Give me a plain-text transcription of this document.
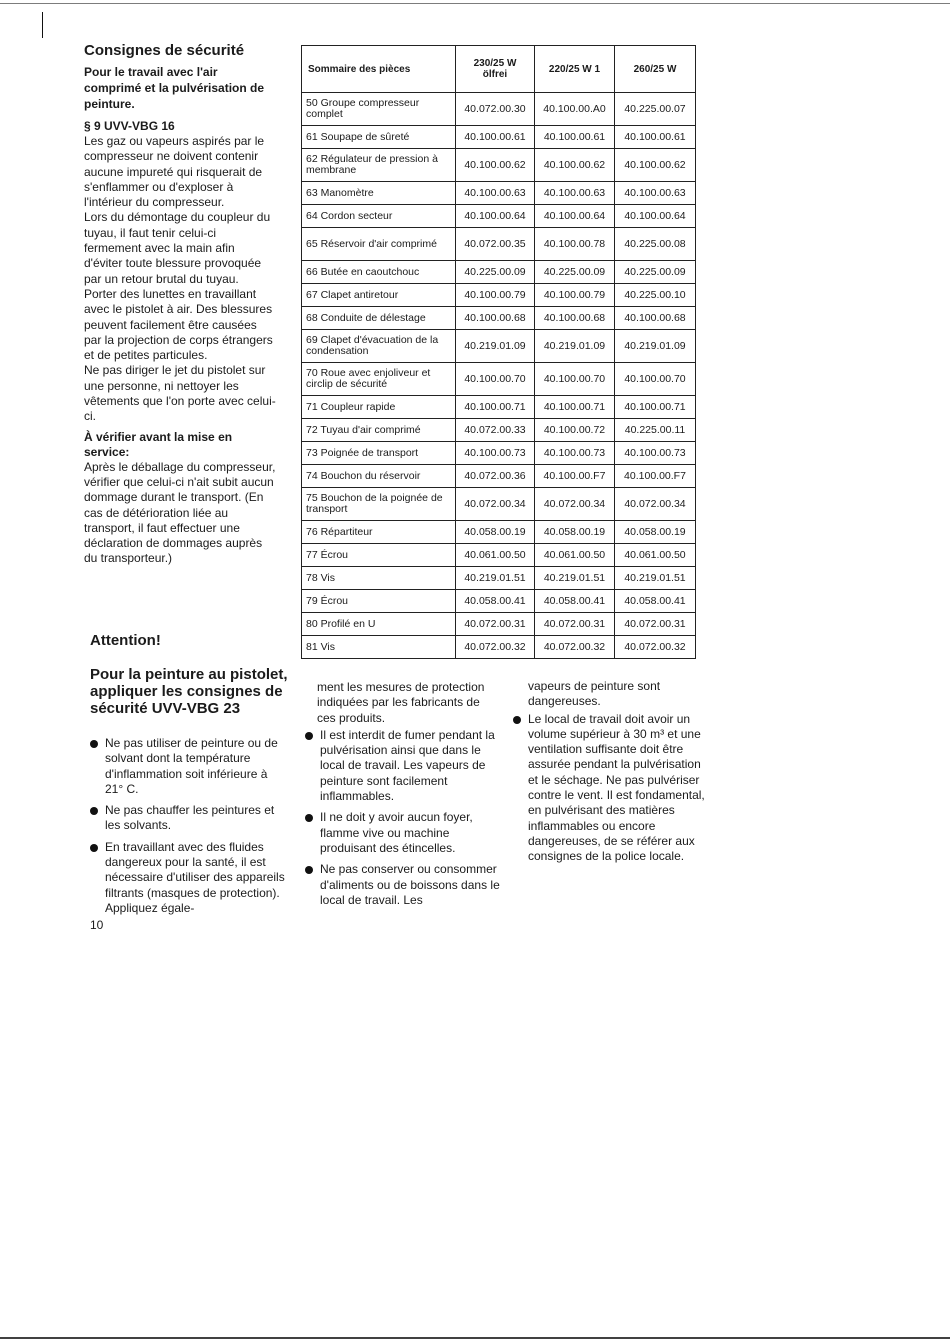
Consignes de sécurité
Pour le travail avec l'air comprimé et la pulvérisation de peinture.
§ 9 UVV-VBG 16
Les gaz ou vapeurs aspirés par le compresseur ne doivent contenir aucune impureté qui risquerait de s'enflammer ou d'exploser à l'intérieur du compresseur.
Lors du démontage du coupleur du tuyau, il faut tenir celui-ci fermement avec la main afin d'éviter toute blessure provoquée par un retour brutal du tuyau.
Porter des lunettes en travaillant avec le pistolet à air. Des blessures peuvent facilement être causées par la projection de corps étrangers et de petites particules.
Ne pas diriger le jet du pistolet sur une personne, ni nettoyer les vêtements que l'on porte avec celui-ci.
À vérifier avant la mise en service:
Après le déballage du compresseur, vérifier que celui-ci n'ait subit aucun dommage durant le transport. (En cas de détérioration liée au transport, il faut effectuer une déclaration de dommages auprès du transporteur.)
Attention!
Pour la peinture au pistolet, appliquer les consignes de sécurité UVV-VBG 23
Ne pas utiliser de peinture ou de solvant dont la température d'inflammation soit inférieure à 21° C.
Ne pas chauffer les peintures et les solvants.
En travaillant avec des fluides dangereux pour la santé, il est nécessaire d'utiliser des appareils filtrants (masques de protection). Appliquez égale-
10
Sommaire des pièces	230/25 W ölfrei	220/25 W 1	260/25 W
50 Groupe compresseur complet	40.072.00.30	40.100.00.A0	40.225.00.07
61 Soupape de sûreté	40.100.00.61	40.100.00.61	40.100.00.61
62 Régulateur de pression à membrane	40.100.00.62	40.100.00.62	40.100.00.62
63 Manomètre	40.100.00.63	40.100.00.63	40.100.00.63
64 Cordon secteur	40.100.00.64	40.100.00.64	40.100.00.64
65 Réservoir d'air comprimé	40.072.00.35	40.100.00.78	40.225.00.08
66 Butée en caoutchouc	40.225.00.09	40.225.00.09	40.225.00.09
67 Clapet antiretour	40.100.00.79	40.100.00.79	40.225.00.10
68 Conduite de délestage	40.100.00.68	40.100.00.68	40.100.00.68
69 Clapet d'évacuation de la condensation	40.219.01.09	40.219.01.09	40.219.01.09
70 Roue avec enjoliveur et circlip de sécurité	40.100.00.70	40.100.00.70	40.100.00.70
71 Coupleur rapide	40.100.00.71	40.100.00.71	40.100.00.71
72 Tuyau d'air comprimé	40.072.00.33	40.100.00.72	40.225.00.11
73 Poignée de transport	40.100.00.73	40.100.00.73	40.100.00.73
74 Bouchon du réservoir	40.072.00.36	40.100.00.F7	40.100.00.F7
75 Bouchon de la poignée de transport	40.072.00.34	40.072.00.34	40.072.00.34
76 Répartiteur	40.058.00.19	40.058.00.19	40.058.00.19
77 Écrou	40.061.00.50	40.061.00.50	40.061.00.50
78 Vis	40.219.01.51	40.219.01.51	40.219.01.51
79 Écrou	40.058.00.41	40.058.00.41	40.058.00.41
80 Profilé en U	40.072.00.31	40.072.00.31	40.072.00.31
81 Vis	40.072.00.32	40.072.00.32	40.072.00.32
ment les mesures de protection indiquées par les fabricants de ces produits.
Il est interdit de fumer pendant la pulvérisation ainsi que dans le local de travail. Les vapeurs de peinture sont facilement inflammables.
Il ne doit y avoir aucun foyer, flamme vive ou machine produisant des étincelles.
Ne pas conserver ou consommer d'aliments ou de boissons dans le local de travail. Les
vapeurs de peinture sont dangereuses.
Le local de travail doit avoir un volume supérieur à 30 m³ et une ventilation suffisante doit être assurée pendant la pulvérisation et le séchage. Ne pas pulvériser contre le vent. Il est fondamental, en pulvérisant des matières inflammables ou encore dangereuses, de se référer aux consignes de la police locale.
